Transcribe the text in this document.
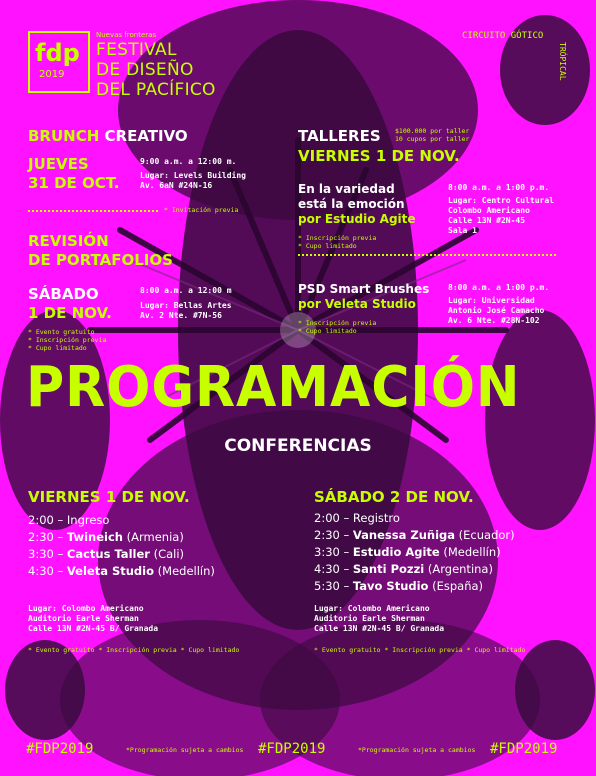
fdp
2019
Nuevas fronteras
FESTIVAL
DE DISEÑO
DEL PACÍFICO
CIRCUITO GÓTICO
TRÓPICAL
BRUNCH CREATIVO
JUEVES
31 DE OCT.
9:00 a.m. a 12:00 m.
Lugar: Levels Building
Av. 6aN #24N-16
* Invitación previa
REVISIÓN
DE PORTAFOLIOS
SÁBADO
1 DE NOV.
8:00 a.m. a 12:00 m
Lugar: Bellas Artes
Av. 2 Nte. #7N-56
* Evento gratuito
* Inscripción previa
* Cupo limitado
TALLERES $100.000 por taller
10 cupos por taller
VIERNES 1 DE NOV.
En la variedad
está la emoción
por Estudio Agite
* Inscripción previa
* Cupo limitado
8:00 a.m. a 1:00 p.m.
Lugar: Centro Cultural
Colombo Americano
Calle 13N #2N-45
Sala 1
PSD Smart Brushes
por Veleta Studio
* Inscripción previa
* Cupo limitado
8:00 a.m. a 1:00 p.m.
Lugar: Universidad
Antonio José Camacho
Av. 6 Nte. #28N-102
PROGRAMACIÓN
CONFERENCIAS
VIERNES 1 DE NOV.
2:00 – Ingreso
2:30 – Twineich (Armenia)
3:30 – Cactus Taller (Cali)
4:30 – Veleta Studio (Medellín)
Lugar: Colombo Americano
Auditorio Earle Sherman
Calle 13N #2N-45 B/ Granada
* Evento gratuito * Inscripción previa * Cupo limitado
SÁBADO 2 DE NOV.
2:00 – Registro
2:30 – Vanessa Zuñiga (Ecuador)
3:30 – Estudio Agite (Medellín)
4:30 – Santi Pozzi (Argentina)
5:30 – Tavo Studio (España)
Lugar: Colombo Americano
Auditorio Earle Sherman
Calle 13N #2N-45 B/ Granada
* Evento gratuito * Inscripción previa * Cupo limitado
#FDP2019	*Programación sujeta a cambios #FDP2019	*Programación sujeta a cambios #FDP2019
